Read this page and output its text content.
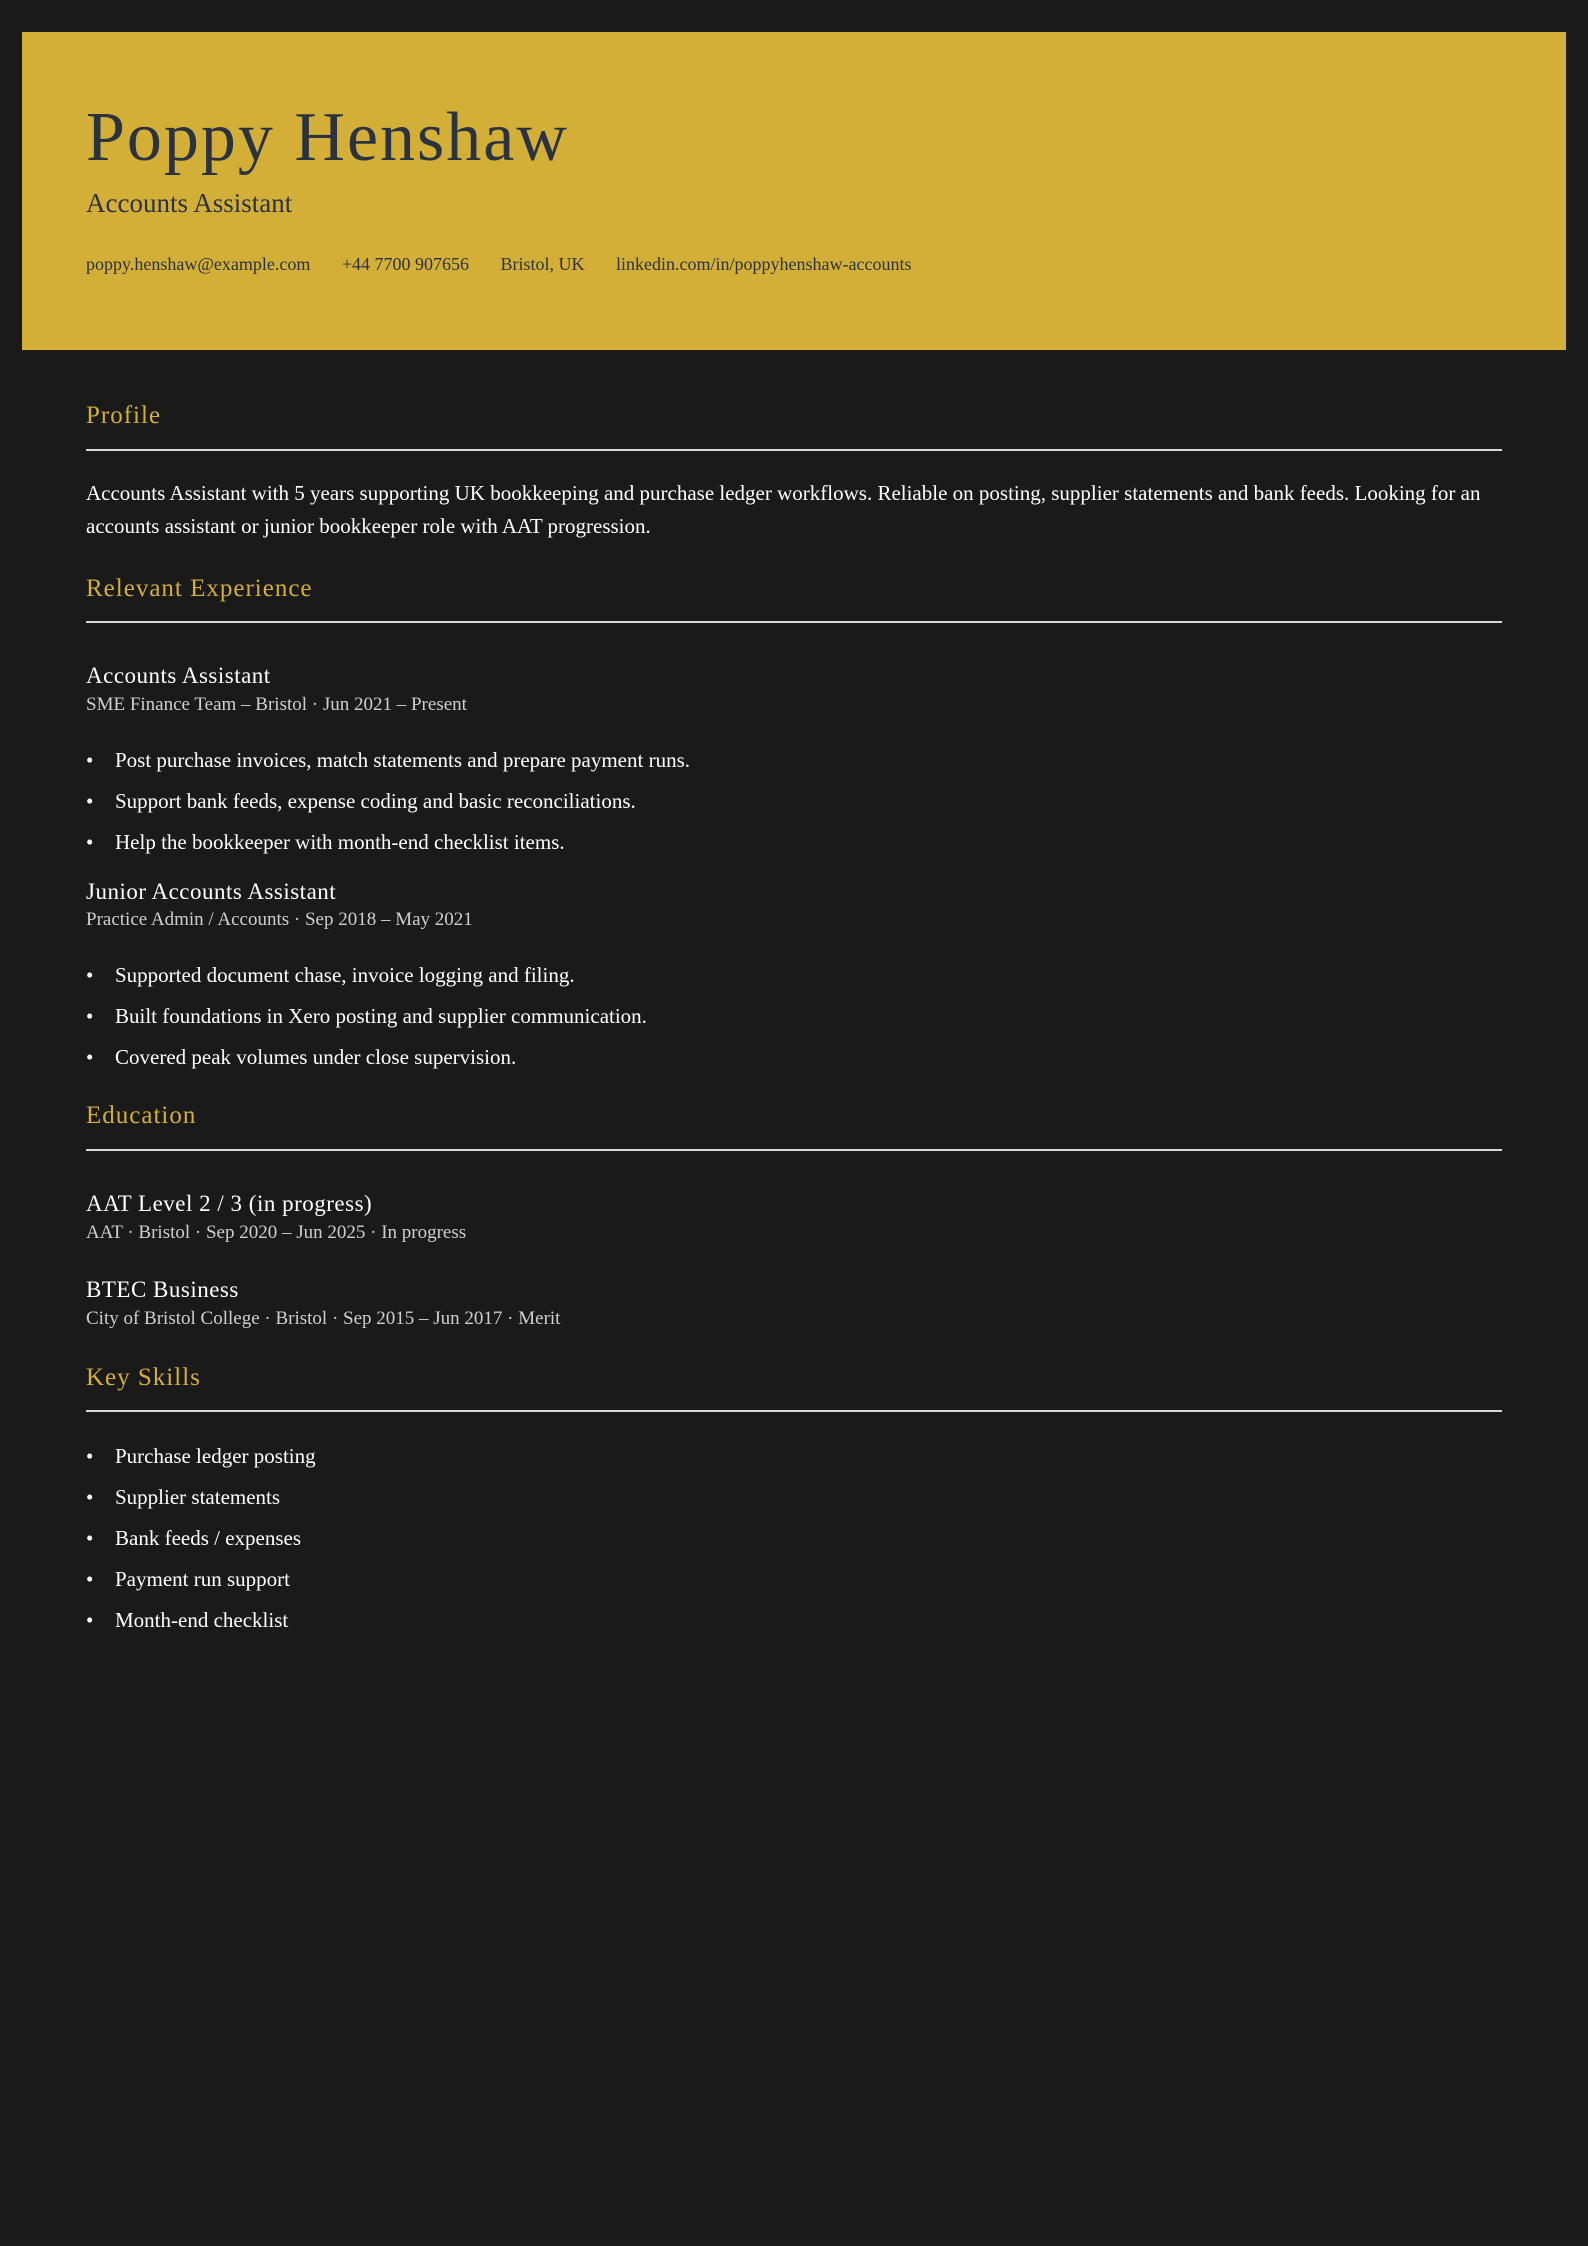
Poppy Henshaw
Accounts Assistant
poppy.henshaw@example.com +44 7700 907656 Bristol, UK linkedin.com/in/poppyhenshaw-accounts
Profile

Accounts Assistant with 5 years supporting UK bookkeeping and purchase ledger workflows. Reliable on posting, supplier statements and bank feeds. Looking for an accounts assistant or junior bookkeeper role with AAT progression.

Relevant Experience
Accounts Assistant
SME Finance Team – Bristol · Jun 2021 – Present
• Post purchase invoices, match statements and prepare payment runs.
• Support bank feeds, expense coding and basic reconciliations.
• Help the bookkeeper with month-end checklist items.
Junior Accounts Assistant
Practice Admin / Accounts · Sep 2018 – May 2021
• Supported document chase, invoice logging and filing.
• Built foundations in Xero posting and supplier communication.
• Covered peak volumes under close supervision.
Education
AAT Level 2 / 3 (in progress)
AAT · Bristol · Sep 2020 – Jun 2025 · In progress
BTEC Business
City of Bristol College · Bristol · Sep 2015 – Jun 2017 · Merit
Key Skills
• Purchase ledger posting
• Supplier statements
• Bank feeds / expenses
• Payment run support
• Month-end checklist
